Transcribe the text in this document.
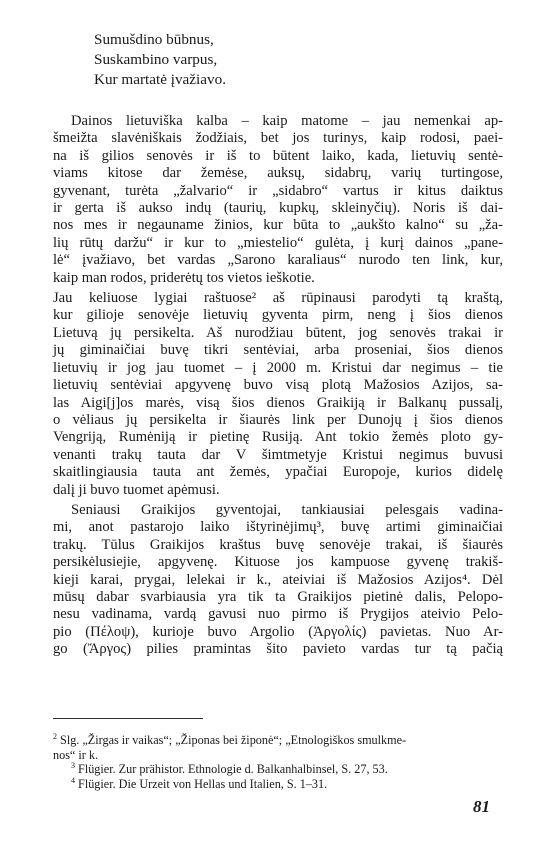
Sumušdino būbnus,
Suskambino varpus,
Kur martatė įvažiavo.
Dainos lietuviška kalba – kaip matome – jau nemenkai ap-
šmeižta slavėniškais žodžiais, bet jos turinys, kaip rodosi, paei-
na iš gilios senovės ir iš to būtent laiko, kada, lietuvių sentė-
viams kitose dar žemėse, auksų, sidabrų, varių turtingose,
gyvenant, turėta „žalvario“ ir „sidabro“ vartus ir kitus daiktus
ir gerta iš aukso indų (taurių, kupkų, skleinyčių). Noris iš dai-
nos mes ir negauname žinios, kur būta to „aukšto kalno“ su „ža-
lių rūtų daržu“ ir kur to „miestelio“ gulėta, į kurį dainos „pane-
lė“ įvažiavo, bet vardas „Sarono karaliaus“ nurodo ten link, kur,
kaip man rodos, priderėtų tos vietos ieškotie.
Jau keliuose lygiai raštuose² aš rūpinausi parodyti tą kraštą,
kur gilioje senovėje lietuvių gyventa pirm, neng į šios dienos
Lietuvą jų persikelta. Aš nurodžiau būtent, jog senovės trakai ir
jų giminaičiai buvę tikri sentėviai, arba proseniai, šios dienos
lietuvių ir jog jau tuomet – į 2000 m. Kristui dar negimus – tie
lietuvių sentėviai apgyvenę buvo visą plotą Mažosios Azijos, sa-
las Aigi[j]os marės, visą šios dienos Graikiją ir Balkanų pussalį,
o vėliaus jų persikelta ir šiaurės link per Dunojų į šios dienos
Vengriją, Rumėniją ir pietinę Rusiją. Ant tokio žemės ploto gy-
venanti trakų tauta dar V šimtmetyje Kristui negimus buvusi
skaitlingiausia tauta ant žemės, ypačiai Europoje, kurios didelę
dalį ji buvo tuomet apėmusi.
Seniausi Graikijos gyventojai, tankiausiai pelesgais vadina-
mi, anot pastarojo laiko ištyrinėjimų³, buvę artimi giminaičiai
trakų. Tūlus Graikijos kraštus buvę senovėje trakai, iš šiaurės
persikėlusiejie, apgyvenę. Kituose jos kampuose gyvenę trakiš-
kieji karai, prygai, lelekai ir k., ateiviai iš Mažosios Azijos⁴. Dėl
mūsų dabar svarbiausia yra tik ta Graikijos pietinė dalis, Pelopo-
nesu vadinama, vardą gavusi nuo pirmo iš Prygijos ateivio Pelo-
pio (Πέλοψ), kurioje buvo Argolio (Ἀργολίς) pavietas. Nuo Ar-
go (Ἄργος) pilies pramintas šito pavieto vardas tur tą pačią
$^2$ Slg. „Žirgas ir vaikas“; „Žiponas bei žiponė“; „Etnologiškos smulkme-
nos“ ir k.
$^3$ Flügier. Zur prähistor. Ethnologie d. Balkanhalbinsel, S. 27, 53.
$^4$ Flügier. Die Urzeit von Hellas und Italien, S. 1–31.
81
